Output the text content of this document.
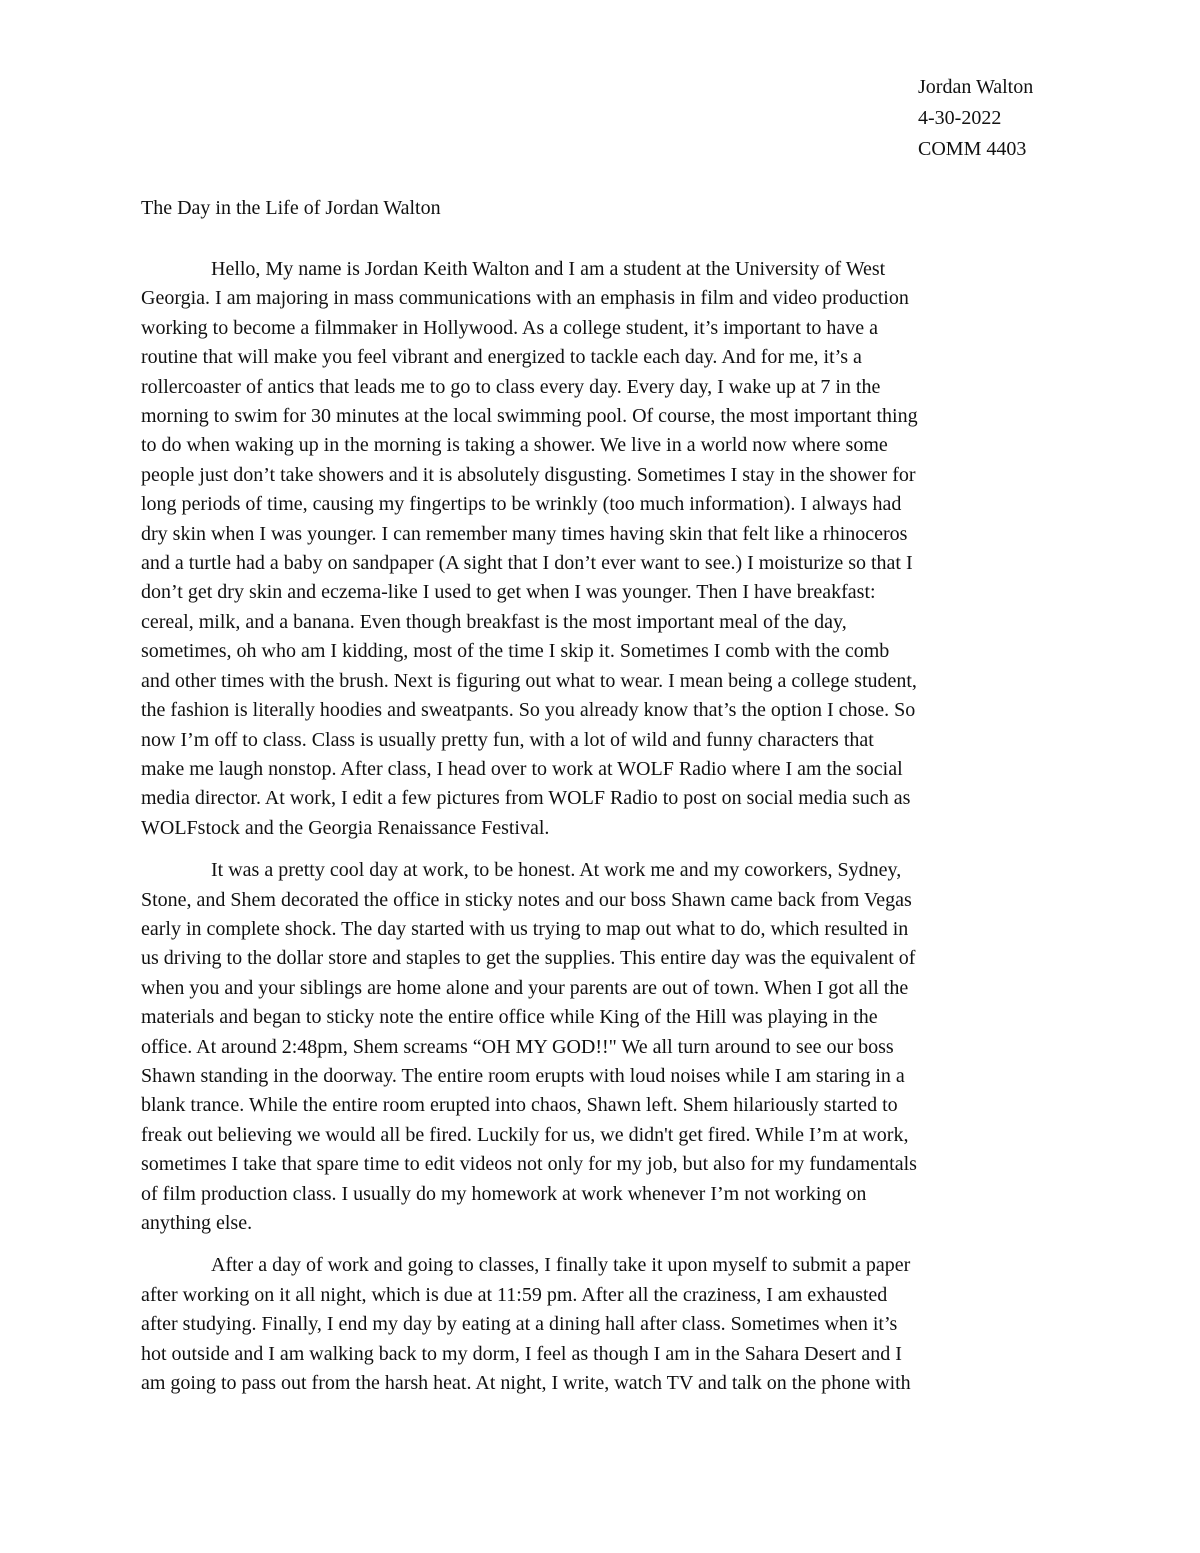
Jordan Walton
4-30-2022
COMM 4403
The Day in the Life of Jordan Walton
Hello, My name is Jordan Keith Walton and I am a student at the University of West
Georgia. I am majoring in mass communications with an emphasis in film and video production
working to become a filmmaker in Hollywood. As a college student, it’s important to have a
routine that will make you feel vibrant and energized to tackle each day. And for me, it’s a
rollercoaster of antics that leads me to go to class every day. Every day, I wake up at 7 in the
morning to swim for 30 minutes at the local swimming pool. Of course, the most important thing
to do when waking up in the morning is taking a shower. We live in a world now where some
people just don’t take showers and it is absolutely disgusting. Sometimes I stay in the shower for
long periods of time, causing my fingertips to be wrinkly (too much information). I always had
dry skin when I was younger. I can remember many times having skin that felt like a rhinoceros
and a turtle had a baby on sandpaper (A sight that I don’t ever want to see.) I moisturize so that I
don’t get dry skin and eczema-like I used to get when I was younger. Then I have breakfast:
cereal, milk, and a banana. Even though breakfast is the most important meal of the day,
sometimes, oh who am I kidding, most of the time I skip it. Sometimes I comb with the comb
and other times with the brush. Next is figuring out what to wear. I mean being a college student,
the fashion is literally hoodies and sweatpants. So you already know that’s the option I chose. So
now I’m off to class. Class is usually pretty fun, with a lot of wild and funny characters that
make me laugh nonstop. After class, I head over to work at WOLF Radio where I am the social
media director. At work, I edit a few pictures from WOLF Radio to post on social media such as
WOLFstock and the Georgia Renaissance Festival.
It was a pretty cool day at work, to be honest. At work me and my coworkers, Sydney,
Stone, and Shem decorated the office in sticky notes and our boss Shawn came back from Vegas
early in complete shock. The day started with us trying to map out what to do, which resulted in
us driving to the dollar store and staples to get the supplies. This entire day was the equivalent of
when you and your siblings are home alone and your parents are out of town. When I got all the
materials and began to sticky note the entire office while King of the Hill was playing in the
office. At around 2:48pm, Shem screams “OH MY GOD!!" We all turn around to see our boss
Shawn standing in the doorway. The entire room erupts with loud noises while I am staring in a
blank trance. While the entire room erupted into chaos, Shawn left. Shem hilariously started to
freak out believing we would all be fired. Luckily for us, we didn't get fired. While I’m at work,
sometimes I take that spare time to edit videos not only for my job, but also for my fundamentals
of film production class. I usually do my homework at work whenever I’m not working on
anything else.
After a day of work and going to classes, I finally take it upon myself to submit a paper
after working on it all night, which is due at 11:59 pm. After all the craziness, I am exhausted
after studying. Finally, I end my day by eating at a dining hall after class. Sometimes when it’s
hot outside and I am walking back to my dorm, I feel as though I am in the Sahara Desert and I
am going to pass out from the harsh heat. At night, I write, watch TV and talk on the phone with
